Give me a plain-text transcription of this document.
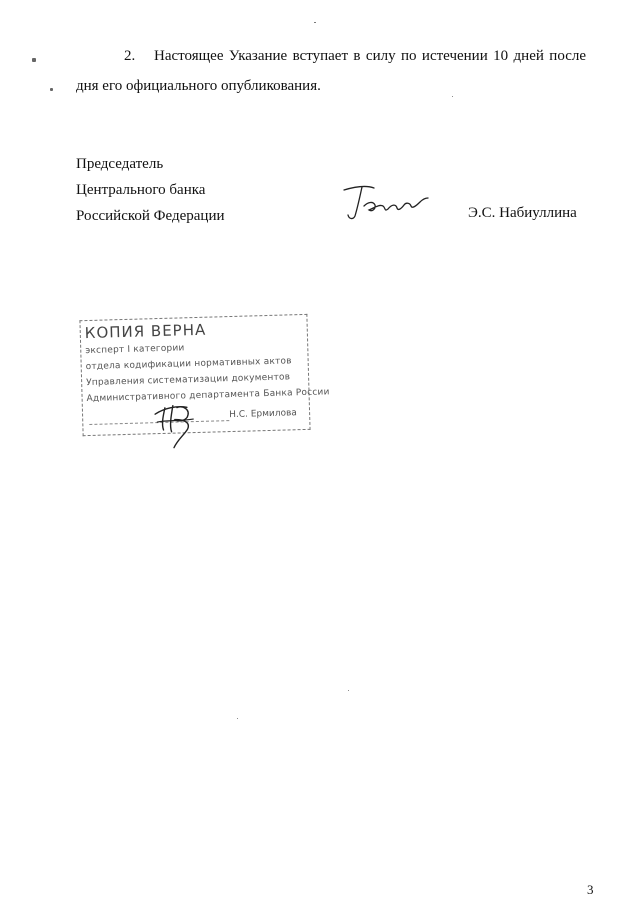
2. Настоящее Указание вступает в силу по истечении 10 дней после
дня его официального опубликования.
Председатель
Центрального банка
Российской Федерации	Э.С. Набиуллина
КОПИЯ ВЕРНА
эксперт I категории
отдела кодификации нормативных актов
Управления систематизации документов
Административного департамента Банка России
Н.С. Ермилова
3
